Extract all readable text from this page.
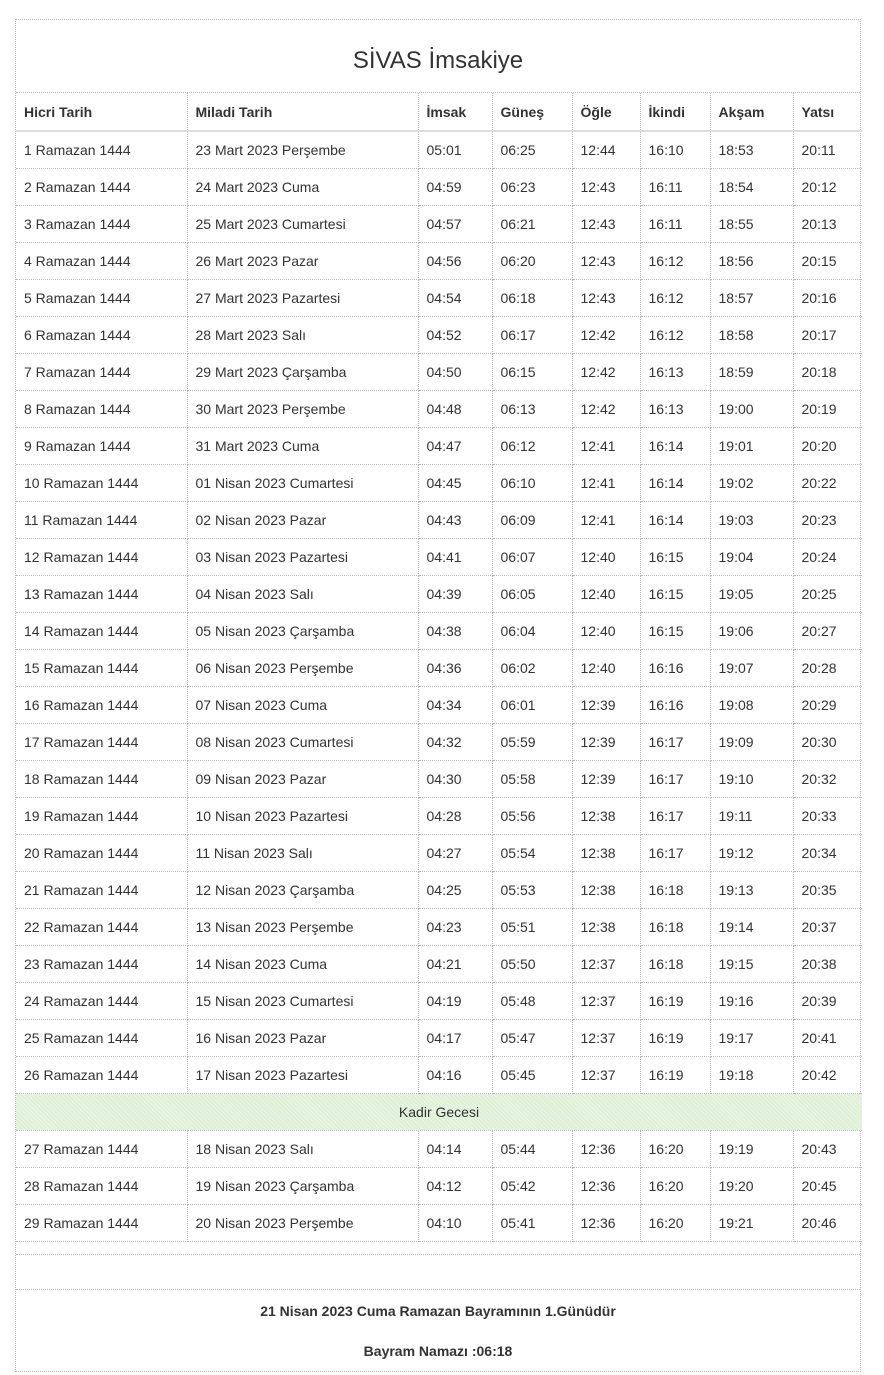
SİVAS İmsakiye
Hicri Tarih	Miladi Tarih	İmsak	Güneş	Öğle	İkindi	Akşam	Yatsı
1 Ramazan 1444	23 Mart 2023 Perşembe	05:01	06:25	12:44	16:10	18:53	20:11
2 Ramazan 1444	24 Mart 2023 Cuma	04:59	06:23	12:43	16:11	18:54	20:12
3 Ramazan 1444	25 Mart 2023 Cumartesi	04:57	06:21	12:43	16:11	18:55	20:13
4 Ramazan 1444	26 Mart 2023 Pazar	04:56	06:20	12:43	16:12	18:56	20:15
5 Ramazan 1444	27 Mart 2023 Pazartesi	04:54	06:18	12:43	16:12	18:57	20:16
6 Ramazan 1444	28 Mart 2023 Salı	04:52	06:17	12:42	16:12	18:58	20:17
7 Ramazan 1444	29 Mart 2023 Çarşamba	04:50	06:15	12:42	16:13	18:59	20:18
8 Ramazan 1444	30 Mart 2023 Perşembe	04:48	06:13	12:42	16:13	19:00	20:19
9 Ramazan 1444	31 Mart 2023 Cuma	04:47	06:12	12:41	16:14	19:01	20:20
10 Ramazan 1444	01 Nisan 2023 Cumartesi	04:45	06:10	12:41	16:14	19:02	20:22
11 Ramazan 1444	02 Nisan 2023 Pazar	04:43	06:09	12:41	16:14	19:03	20:23
12 Ramazan 1444	03 Nisan 2023 Pazartesi	04:41	06:07	12:40	16:15	19:04	20:24
13 Ramazan 1444	04 Nisan 2023 Salı	04:39	06:05	12:40	16:15	19:05	20:25
14 Ramazan 1444	05 Nisan 2023 Çarşamba	04:38	06:04	12:40	16:15	19:06	20:27
15 Ramazan 1444	06 Nisan 2023 Perşembe	04:36	06:02	12:40	16:16	19:07	20:28
16 Ramazan 1444	07 Nisan 2023 Cuma	04:34	06:01	12:39	16:16	19:08	20:29
17 Ramazan 1444	08 Nisan 2023 Cumartesi	04:32	05:59	12:39	16:17	19:09	20:30
18 Ramazan 1444	09 Nisan 2023 Pazar	04:30	05:58	12:39	16:17	19:10	20:32
19 Ramazan 1444	10 Nisan 2023 Pazartesi	04:28	05:56	12:38	16:17	19:11	20:33
20 Ramazan 1444	11 Nisan 2023 Salı	04:27	05:54	12:38	16:17	19:12	20:34
21 Ramazan 1444	12 Nisan 2023 Çarşamba	04:25	05:53	12:38	16:18	19:13	20:35
22 Ramazan 1444	13 Nisan 2023 Perşembe	04:23	05:51	12:38	16:18	19:14	20:37
23 Ramazan 1444	14 Nisan 2023 Cuma	04:21	05:50	12:37	16:18	19:15	20:38
24 Ramazan 1444	15 Nisan 2023 Cumartesi	04:19	05:48	12:37	16:19	19:16	20:39
25 Ramazan 1444	16 Nisan 2023 Pazar	04:17	05:47	12:37	16:19	19:17	20:41
26 Ramazan 1444	17 Nisan 2023 Pazartesi	04:16	05:45	12:37	16:19	19:18	20:42
Kadir Gecesi							
27 Ramazan 1444	18 Nisan 2023 Salı	04:14	05:44	12:36	16:20	19:19	20:43
28 Ramazan 1444	19 Nisan 2023 Çarşamba	04:12	05:42	12:36	16:20	19:20	20:45
29 Ramazan 1444	20 Nisan 2023 Perşembe	04:10	05:41	12:36	16:20	19:21	20:46

21 Nisan 2023 Cuma Ramazan Bayramının 1.Günüdür

Bayram Namazı :06:18
